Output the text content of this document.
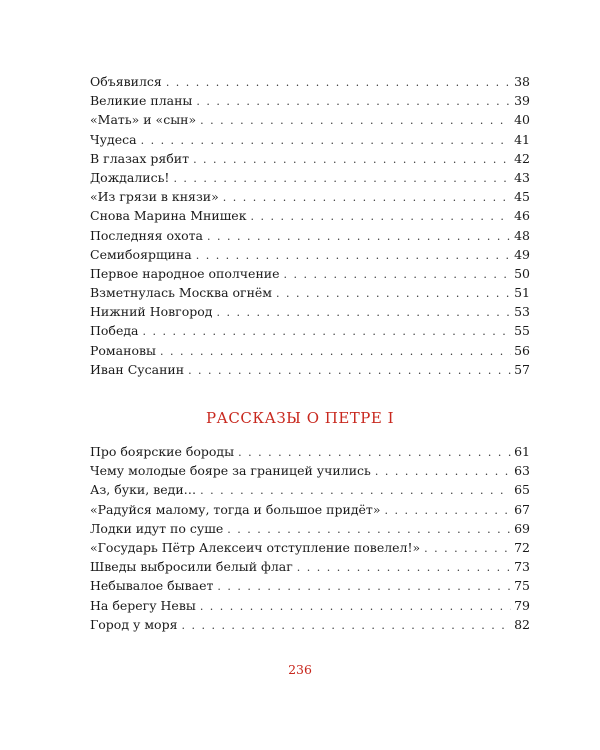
Объявился . . .	38
Великие планы . . .	39
«Мать» и «сын» . . .	40
Чудеса . . .	41
В глазах рябит . . .	42
Дождались! . . .	43
«Из грязи в князи» . . .	45
Снова Марина Мнишек . . .	46
Последняя охота . . .	48
Семибоярщина . . .	49
Первое народное ополчение . . .	50
Взметнулась Москва огнём . . .	51
Нижний Новгород . . .	53
Победа . . .	55
Романовы . . .	56
Иван Сусанин . . .	57
РАССКАЗЫ О ПЕТРЕ I
Про боярские бороды . . .	61
Чему молодые бояре за границей учились . . .	63
Аз, буки, веди… . . .	65
«Радуйся малому, тогда и большое придёт» . . .	67
Лодки идут по суше . . .	69
«Государь Пётр Алексеич отступление повелел!» . . .	72
Шведы выбросили белый флаг . . .	73
Небывалое бывает . . .	75
На берегу Невы . . .	79
Город у моря . . .	82
236
